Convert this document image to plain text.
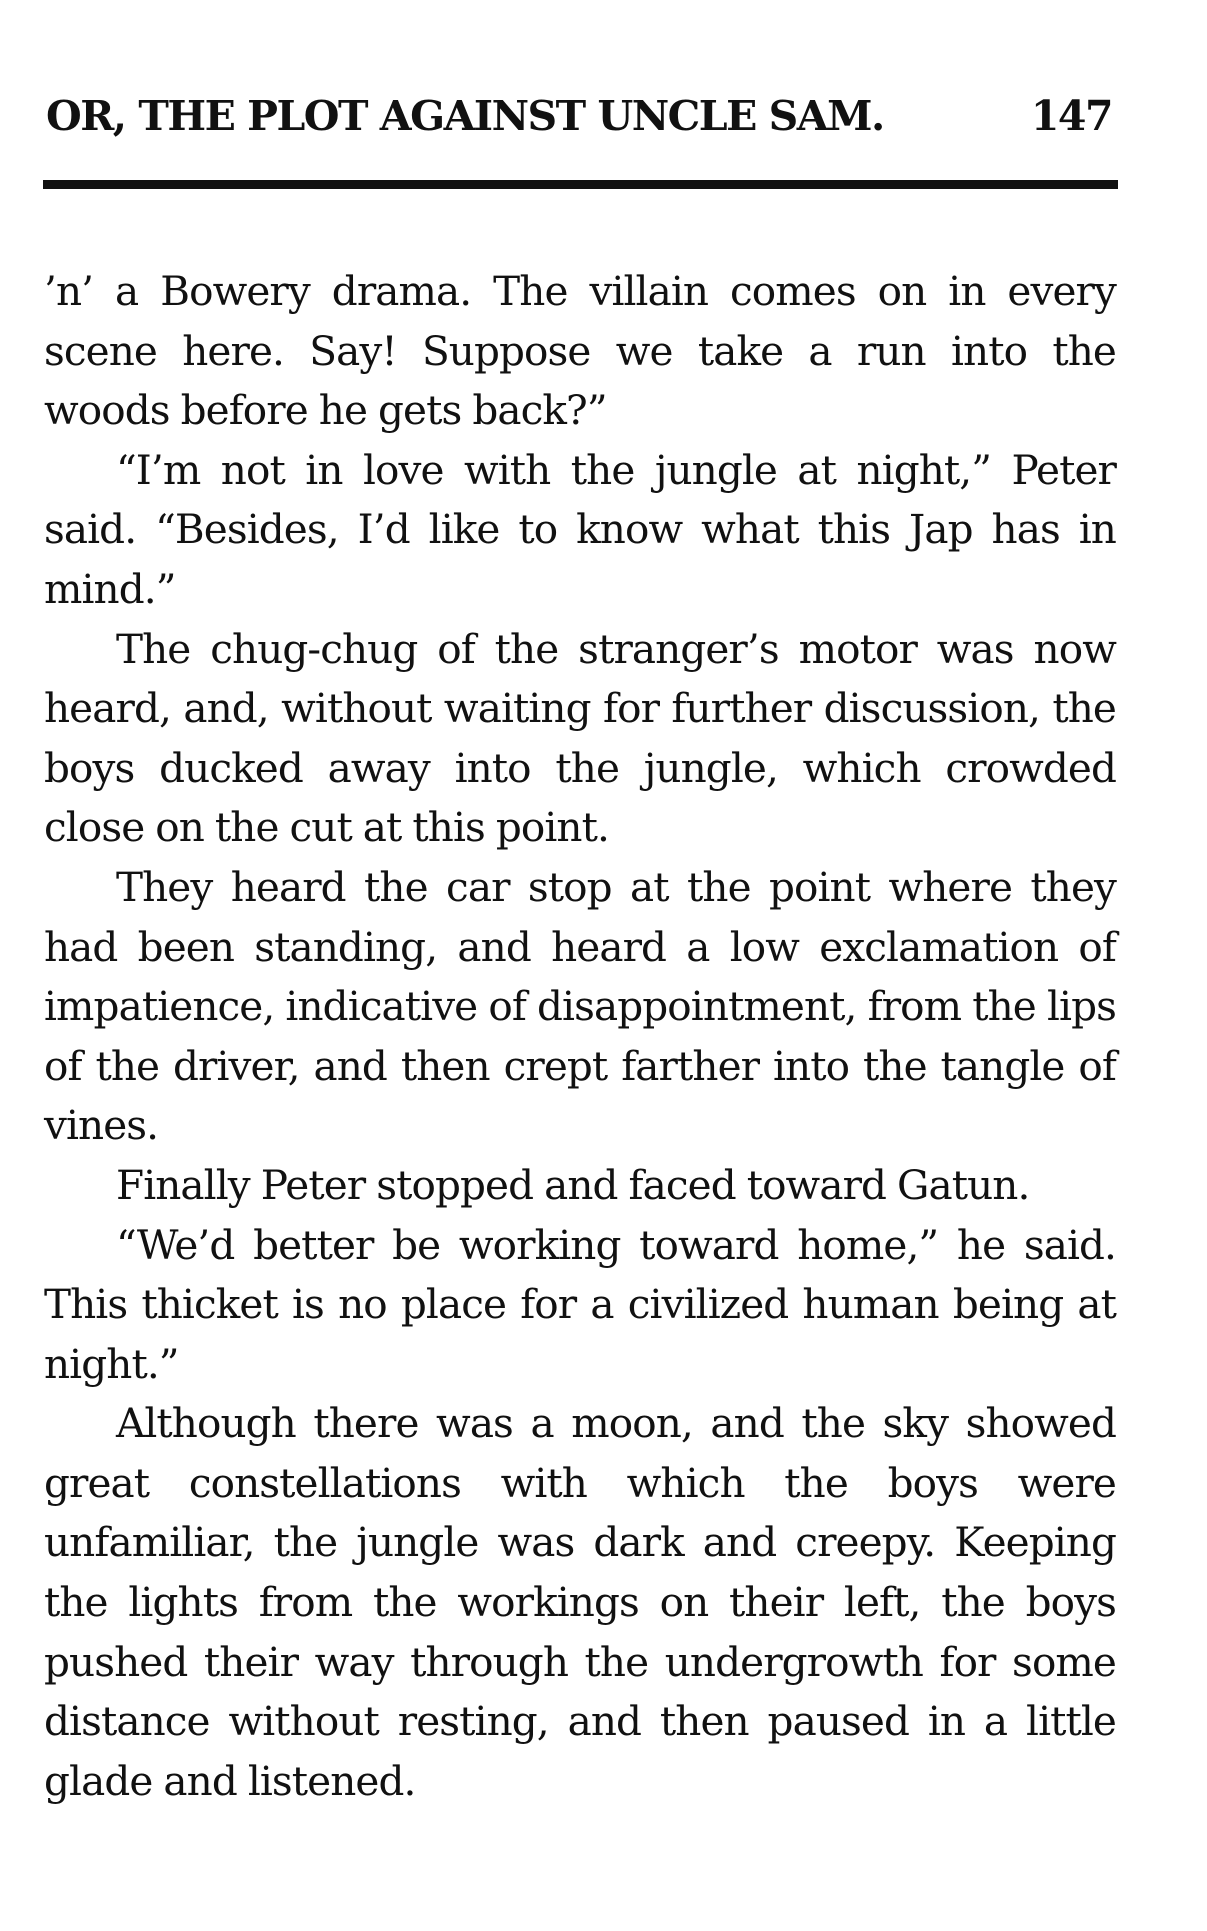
OR, THE PLOT AGAINST UNCLE SAM.	147

’n’ a Bowery drama. The villain comes on in every scene here. Say! Suppose we take a run into the woods before he gets back?”

“I’m not in love with the jungle at night,” Peter said. “Besides, I’d like to know what this Jap has in mind.”

The chug-chug of the stranger’s motor was now heard, and, without waiting for further discussion, the boys ducked away into the jungle, which crowded close on the cut at this point.

They heard the car stop at the point where they had been standing, and heard a low exclamation of impatience, indicative of disappointment, from the lips of the driver, and then crept farther into the tangle of vines.

Finally Peter stopped and faced toward Gatun.

“We’d better be working toward home,” he said. This thicket is no place for a civilized human being at night.”

Although there was a moon, and the sky showed great constellations with which the boys were unfamiliar, the jungle was dark and creepy. Keeping the lights from the workings on their left, the boys pushed their way through the undergrowth for some distance without resting, and then paused in a little glade and listened.
